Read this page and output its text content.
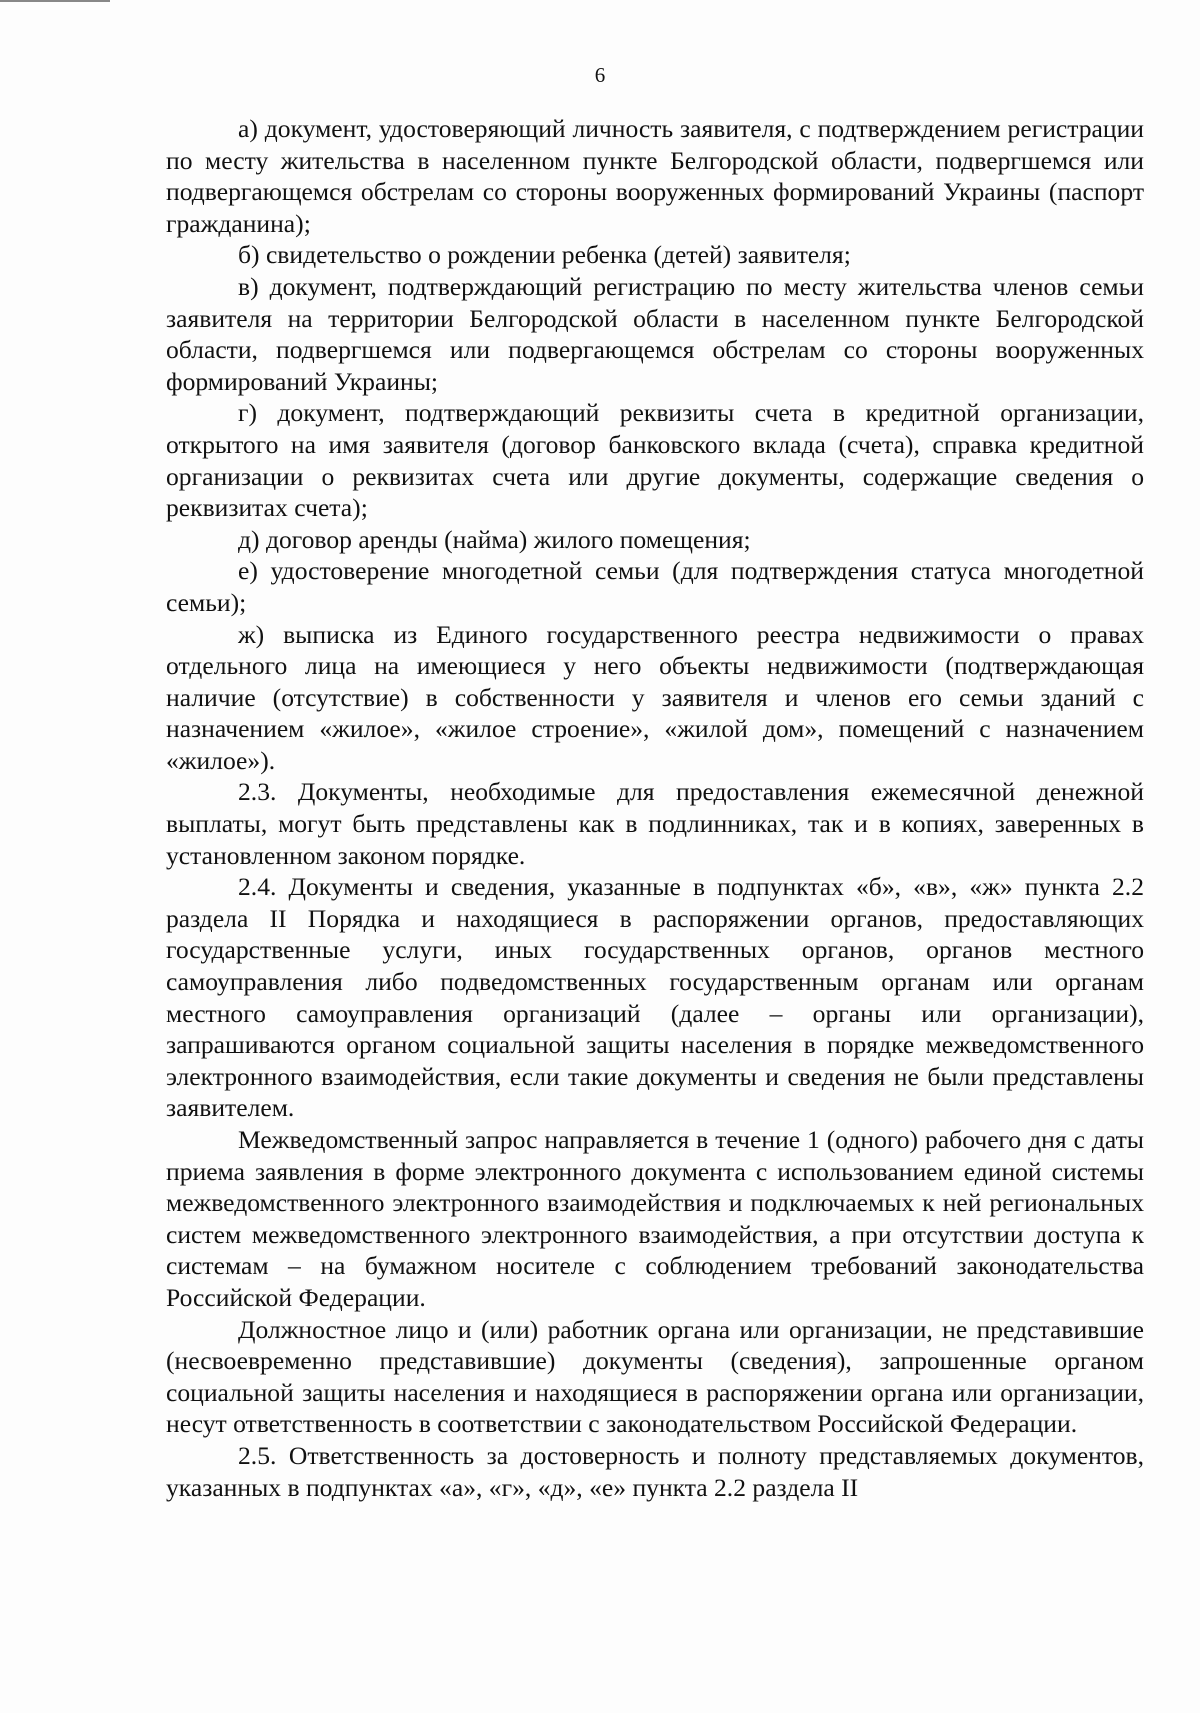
6

а) документ, удостоверяющий личность заявителя, с подтверждением регистрации по месту жительства в населенном пункте Белгородской области, подвергшемся или подвергающемся обстрелам со стороны вооруженных формирований Украины (паспорт гражданина);

б) свидетельство о рождении ребенка (детей) заявителя;

в) документ, подтверждающий регистрацию по месту жительства членов семьи заявителя на территории Белгородской области в населенном пункте Белгородской области, подвергшемся или подвергающемся обстрелам со стороны вооруженных формирований Украины;

г) документ, подтверждающий реквизиты счета в кредитной организации, открытого на имя заявителя (договор банковского вклада (счета), справка кредитной организации о реквизитах счета или другие документы, содержащие сведения о реквизитах счета);

д) договор аренды (найма) жилого помещения;

е) удостоверение многодетной семьи (для подтверждения статуса многодетной семьи);

ж) выписка из Единого государственного реестра недвижимости о правах отдельного лица на имеющиеся у него объекты недвижимости (подтверждающая наличие (отсутствие) в собственности у заявителя и членов его семьи зданий с назначением «жилое», «жилое строение», «жилой дом», помещений с назначением «жилое»).

2.3. Документы, необходимые для предоставления ежемесячной денежной выплаты, могут быть представлены как в подлинниках, так и в копиях, заверенных в установленном законом порядке.

2.4. Документы и сведения, указанные в подпунктах «б», «в», «ж» пункта 2.2 раздела II Порядка и находящиеся в распоряжении органов, предоставляющих государственные услуги, иных государственных органов, органов местного самоуправления либо подведомственных государственным органам или органам местного самоуправления организаций (далее – органы или организации), запрашиваются органом социальной защиты населения в порядке межведомственного электронного взаимодействия, если такие документы и сведения не были представлены заявителем.

Межведомственный запрос направляется в течение 1 (одного) рабочего дня с даты приема заявления в форме электронного документа с использованием единой системы межведомственного электронного взаимодействия и подключаемых к ней региональных систем межведомственного электронного взаимодействия, а при отсутствии доступа к системам – на бумажном носителе с соблюдением требований законодательства Российской Федерации.

Должностное лицо и (или) работник органа или организации, не представившие (несвоевременно представившие) документы (сведения), запрошенные органом социальной защиты населения и находящиеся в распоряжении органа или организации, несут ответственность в соответствии с законодательством Российской Федерации.

2.5. Ответственность за достоверность и полноту представляемых документов, указанных в подпунктах «а», «г», «д», «е» пункта 2.2 раздела II
